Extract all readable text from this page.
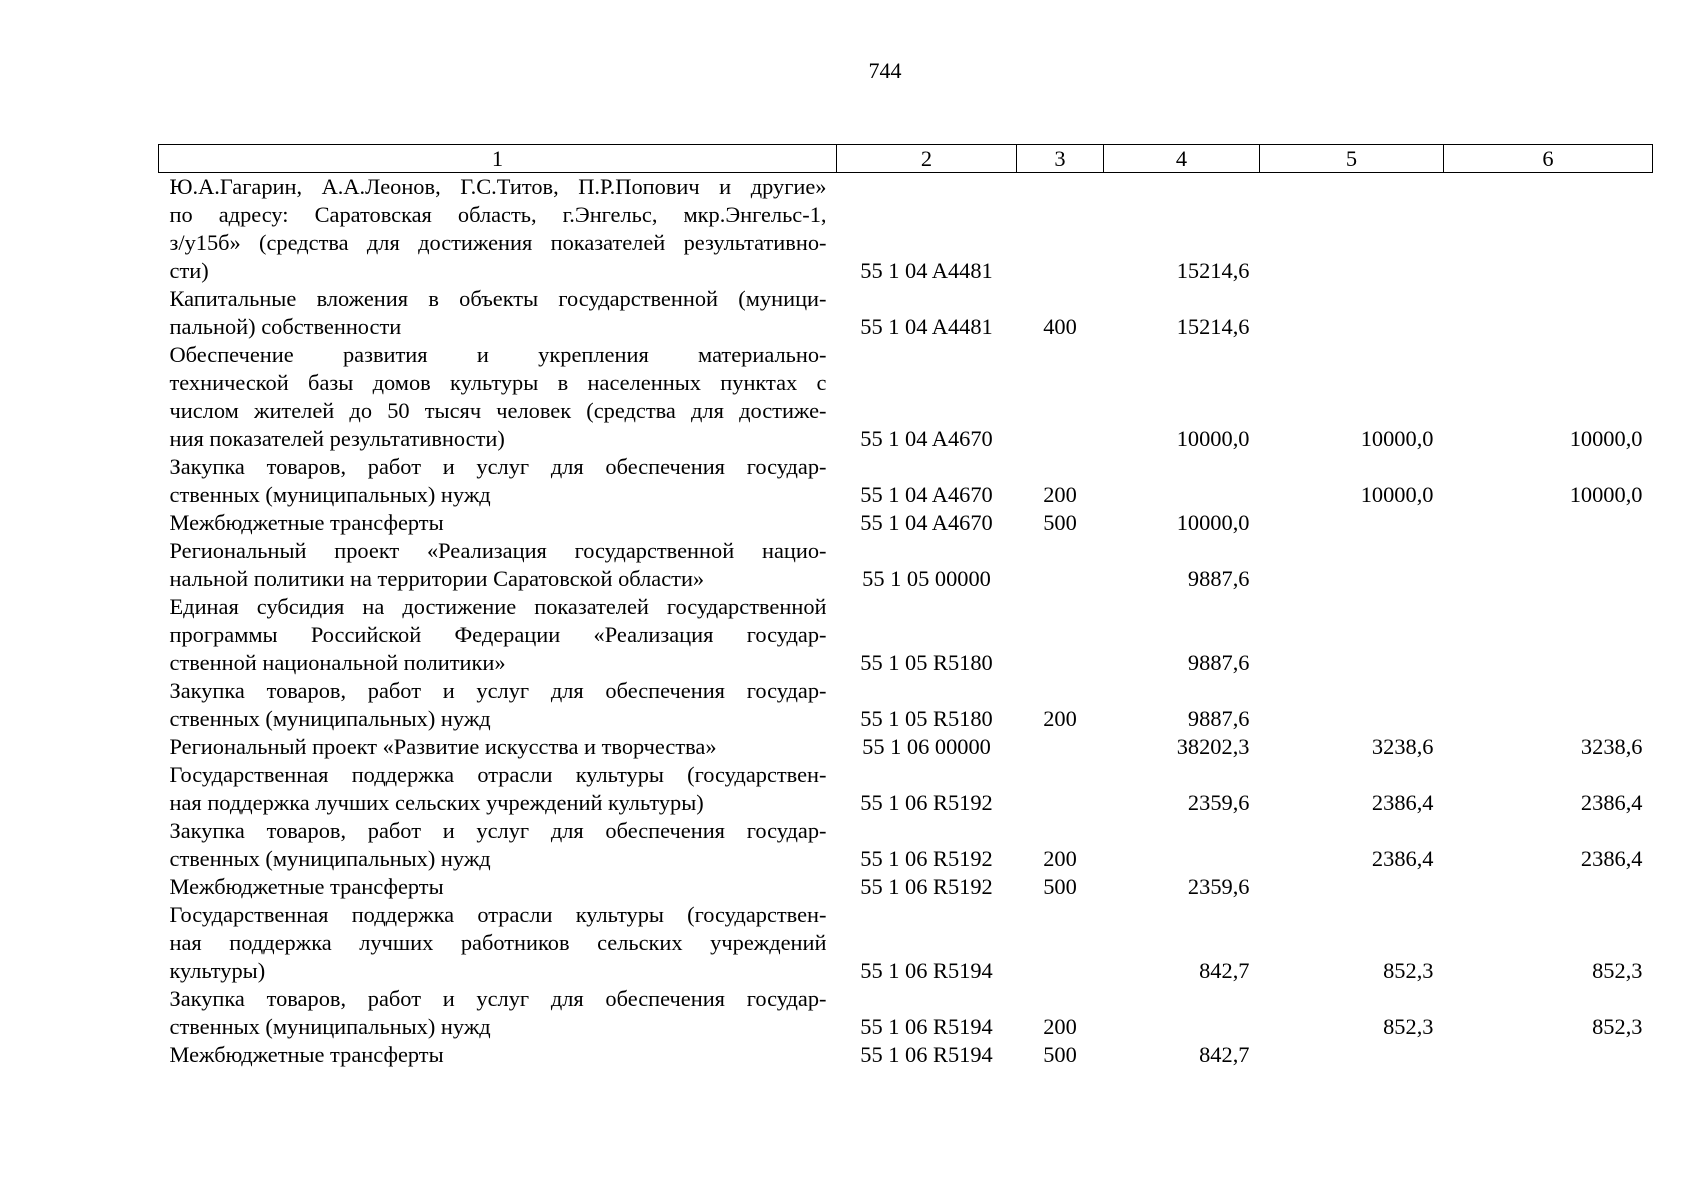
744
1	2	3	4	5	6

Ю.А.Гагарин, А.А.Леонов, Г.С.Титов, П.Р.Попович и другие»
по адресу: Саратовская область, г.Энгельс, мкр.Энгельс-1,
з/у15б» (средства для достижения показателей результативно-
сти)	55 1 04 A4481		15214,6		

Капитальные вложения в объекты государственной (муници-
пальной) собственности	55 1 04 A4481	400	15214,6		

Обеспечение развития и укрепления материально-
технической базы домов культуры в населенных пунктах с
числом жителей до 50 тысяч человек (средства для достиже-
ния показателей результативности)	55 1 04 A4670		10000,0	10000,0	10000,0

Закупка товаров, работ и услуг для обеспечения государ-
ственных (муниципальных) нужд	55 1 04 A4670	200		10000,0	10000,0

Межбюджетные трансферты	55 1 04 A4670	500	10000,0		

Региональный проект «Реализация государственной нацио-
нальной политики на территории Саратовской области»	55 1 05 00000		9887,6		

Единая субсидия на достижение показателей государственной
программы Российской Федерации «Реализация государ-
ственной национальной политики»	55 1 05 R5180		9887,6		

Закупка товаров, работ и услуг для обеспечения государ-
ственных (муниципальных) нужд	55 1 05 R5180	200	9887,6		

Региональный проект «Развитие искусства и творчества»	55 1 06 00000		38202,3	3238,6	3238,6

Государственная поддержка отрасли культуры (государствен-
ная поддержка лучших сельских учреждений культуры)	55 1 06 R5192		2359,6	2386,4	2386,4

Закупка товаров, работ и услуг для обеспечения государ-
ственных (муниципальных) нужд	55 1 06 R5192	200		2386,4	2386,4

Межбюджетные трансферты	55 1 06 R5192	500	2359,6		

Государственная поддержка отрасли культуры (государствен-
ная поддержка лучших работников сельских учреждений
культуры)	55 1 06 R5194		842,7	852,3	852,3

Закупка товаров, работ и услуг для обеспечения государ-
ственных (муниципальных) нужд	55 1 06 R5194	200		852,3	852,3

Межбюджетные трансферты	55 1 06 R5194	500	842,7		
